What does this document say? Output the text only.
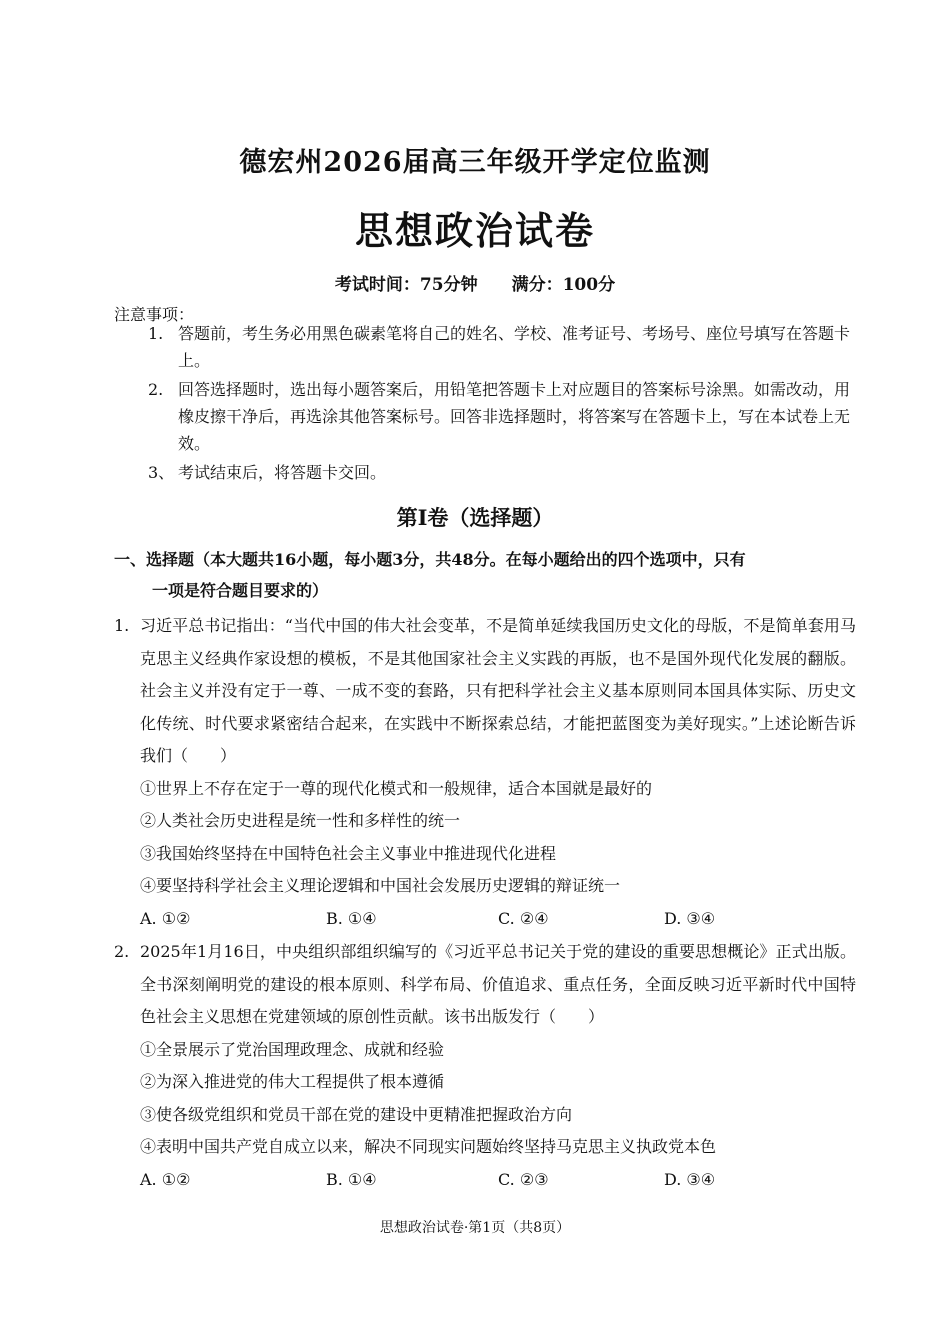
德宏州2026届高三年级开学定位监测
思想政治试卷
考试时间：75分钟 满分：100分
注意事项：
1. 答题前，考生务必用黑色碳素笔将自己的姓名、学校、准考证号、考场号、座位号填写在答题卡上。
2. 回答选择题时，选出每小题答案后，用铅笔把答题卡上对应题目的答案标号涂黑。如需改动，用橡皮擦干净后，再选涂其他答案标号。回答非选择题时，将答案写在答题卡上，写在本试卷上无效。
3、 考试结束后，将答题卡交回。
第Ⅰ卷（选择题）
一、选择题（本大题共16小题，每小题3分，共48分。在每小题给出的四个选项中，只有
一项是符合题目要求的）
1. 习近平总书记指出：“当代中国的伟大社会变革，不是简单延续我国历史文化的母版，不是简单套用马克思主义经典作家设想的模板，不是其他国家社会主义实践的再版，也不是国外现代化发展的翻版。社会主义并没有定于一尊、一成不变的套路，只有把科学社会主义基本原则同本国具体实际、历史文化传统、时代要求紧密结合起来，在实践中不断探索总结，才能把蓝图变为美好现实。”上述论断告诉我们（　　）
①世界上不存在定于一尊的现代化模式和一般规律，适合本国就是最好的
②人类社会历史进程是统一性和多样性的统一
③我国始终坚持在中国特色社会主义事业中推进现代化进程
④要坚持科学社会主义理论逻辑和中国社会发展历史逻辑的辩证统一
A. ①②	B. ①④	C. ②④	D. ③④
2. 2025年1月16日，中央组织部组织编写的《习近平总书记关于党的建设的重要思想概论》正式出版。全书深刻阐明党的建设的根本原则、科学布局、价值追求、重点任务，全面反映习近平新时代中国特色社会主义思想在党建领域的原创性贡献。该书出版发行（　　）
①全景展示了党治国理政理念、成就和经验
②为深入推进党的伟大工程提供了根本遵循
③使各级党组织和党员干部在党的建设中更精准把握政治方向
④表明中国共产党自成立以来，解决不同现实问题始终坚持马克思主义执政党本色
A. ①②	B. ①④	C. ②③	D. ③④
思想政治试卷·第1页（共8页）
